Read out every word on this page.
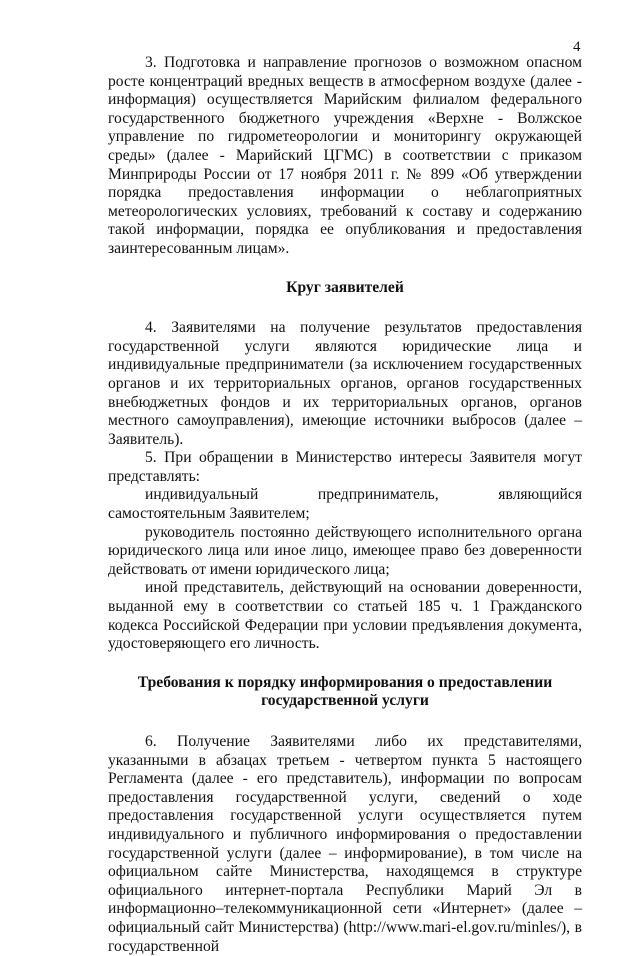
4

3. Подготовка и направление прогнозов о возможном опасном росте концентраций вредных веществ в атмосферном воздухе (далее - информация) осуществляется Марийским филиалом федерального государственного бюджетного учреждения «Верхне - Волжское управление по гидрометеорологии и мониторингу окружающей среды» (далее - Марийский ЦГМС) в соответствии с приказом Минприроды России от 17 ноября 2011 г. № 899 «Об утверждении порядка предоставления информации о неблагоприятных метеорологических условиях, требований к составу и содержанию такой информации, порядка ее опубликования и предоставления заинтересованным лицам».

Круг заявителей

4. Заявителями на получение результатов предоставления государственной услуги являются юридические лица и индивидуальные предприниматели (за исключением государственных органов и их территориальных органов, органов государственных внебюджетных фондов и их территориальных органов, органов местного самоуправления), имеющие источники выбросов (далее – Заявитель).

5. При обращении в Министерство интересы Заявителя могут представлять:

индивидуальный предприниматель, являющийся самостоятельным Заявителем;

руководитель постоянно действующего исполнительного органа юридического лица или иное лицо, имеющее право без доверенности действовать от имени юридического лица;

иной представитель, действующий на основании доверенности, выданной ему в соответствии со статьей 185 ч. 1 Гражданского кодекса Российской Федерации при условии предъявления документа, удостоверяющего его личность.

Требования к порядку информирования о предоставлении
государственной услуги

6. Получение Заявителями либо их представителями, указанными в абзацах третьем - четвертом пункта 5 настоящего Регламента (далее - его представитель), информации по вопросам предоставления государственной услуги, сведений о ходе предоставления государственной услуги осуществляется путем индивидуального и публичного информирования о предоставлении государственной услуги (далее – информирование), в том числе на официальном сайте Министерства, находящемся в структуре официального интернет-портала Республики Марий Эл в информационно–телекоммуникационной сети «Интернет» (далее – официальный сайт Министерства) (http://www.mari-el.gov.ru/minles/), в государственной
